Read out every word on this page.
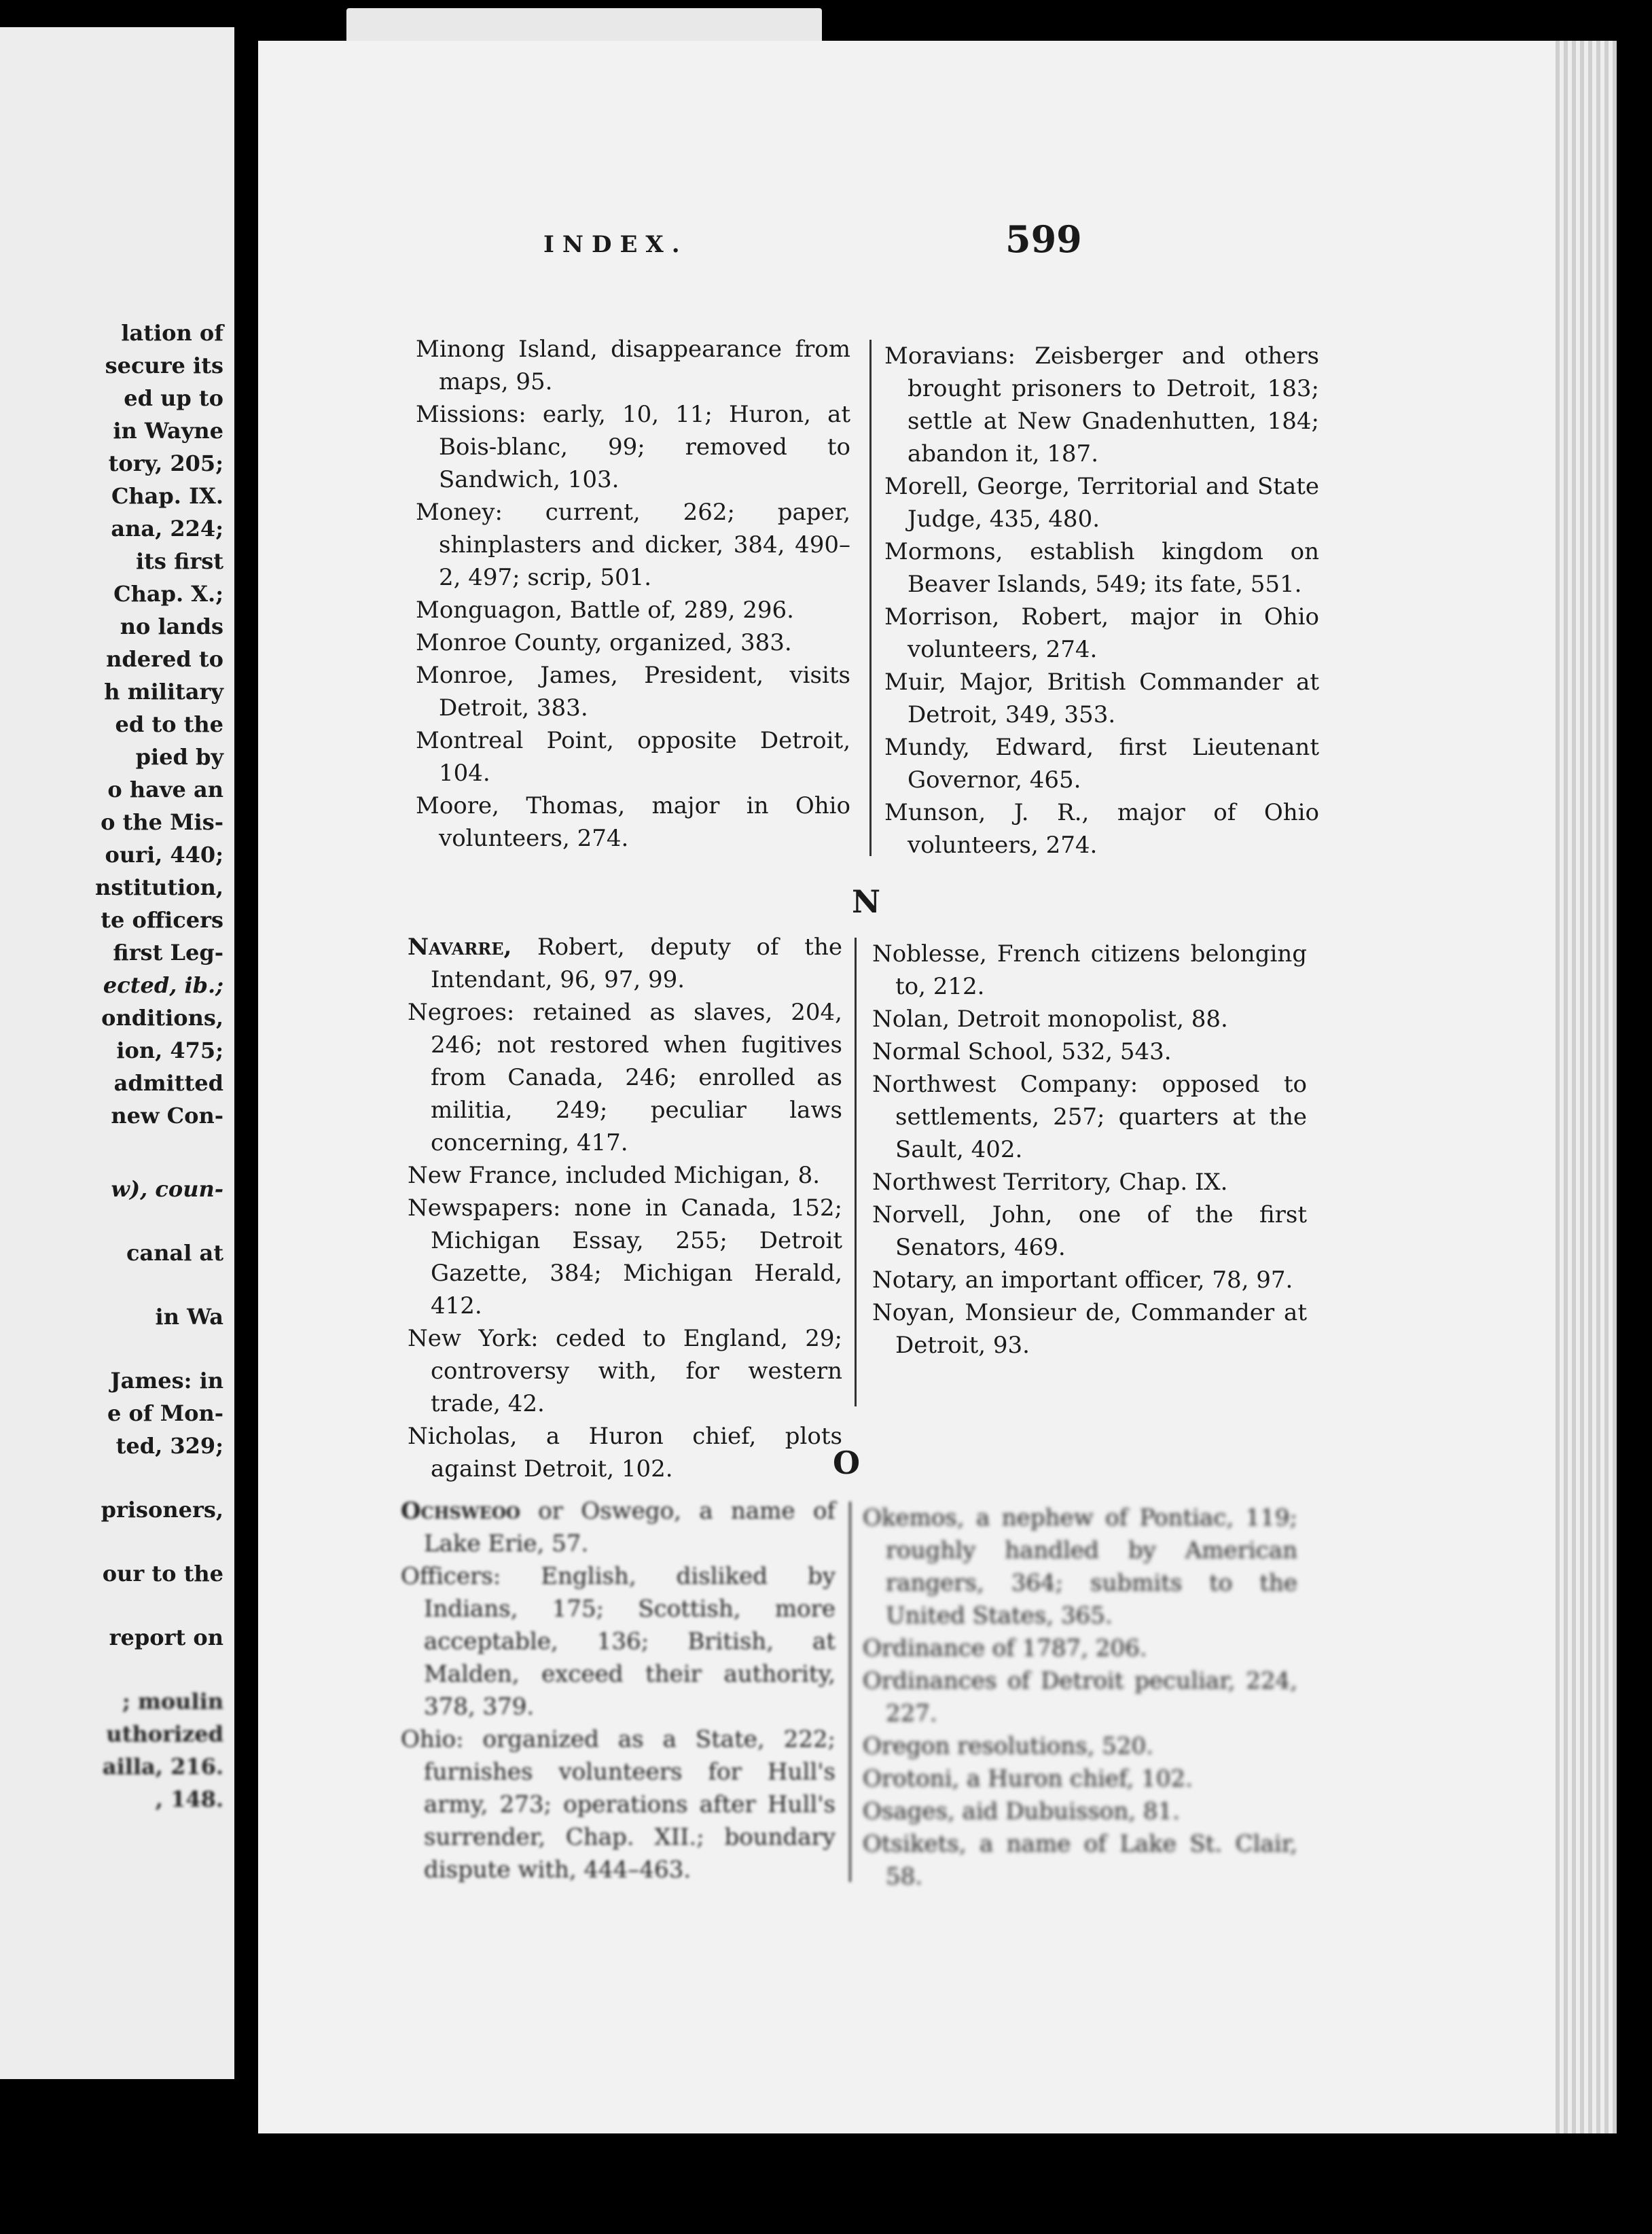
lation of
secure its
ed up to
in Wayne
tory, 205;
Chap. IX.
ana, 224;
its first
Chap. X.;
no lands
ndered to
h military
ed to the
pied by
o have an
o the Mis-
ouri, 440;
nstitution,
te officers
first Leg-
ected, ib.;
onditions,
ion, 475;
admitted
new Con-
w), coun-
canal at
in Wa
James: in
e of Mon-
ted, 329;
prisoners,
our to the
report on
; moulin
uthorized
ailla, 216.
, 148.
INDEX.	599

Minong Island, disappearance from maps, 95.

Missions: early, 10, 11; Huron, at Bois-blanc, 99; removed to Sandwich, 103.

Money: current, 262; paper, shinplasters and dicker, 384, 490–2, 497; scrip, 501.

Monguagon, Battle of, 289, 296.

Monroe County, organized, 383.

Monroe, James, President, visits Detroit, 383.

Montreal Point, opposite Detroit, 104.

Moore, Thomas, major in Ohio volunteers, 274.

Moravians: Zeisberger and others brought prisoners to Detroit, 183; settle at New Gnadenhutten, 184; abandon it, 187.

Morell, George, Territorial and State Judge, 435, 480.

Mormons, establish kingdom on Beaver Islands, 549; its fate, 551.

Morrison, Robert, major in Ohio volunteers, 274.

Muir, Major, British Commander at Detroit, 349, 353.

Mundy, Edward, first Lieutenant Governor, 465.

Munson, J. R., major of Ohio volunteers, 274.

N

Navarre, Robert, deputy of the Intendant, 96, 97, 99.

Negroes: retained as slaves, 204, 246; not restored when fugitives from Canada, 246; enrolled as militia, 249; peculiar laws concerning, 417.

New France, included Michigan, 8.

Newspapers: none in Canada, 152; Michigan Essay, 255; Detroit Gazette, 384; Michigan Herald, 412.

New York: ceded to England, 29; controversy with, for western trade, 42.

Nicholas, a Huron chief, plots against Detroit, 102.

Noblesse, French citizens belonging to, 212.

Nolan, Detroit monopolist, 88.

Normal School, 532, 543.

Northwest Company: opposed to settlements, 257; quarters at the Sault, 402.

Northwest Territory, Chap. IX.

Norvell, John, one of the first Senators, 469.

Notary, an important officer, 78, 97.

Noyan, Monsieur de, Commander at Detroit, 93.

O

Ochsweoo or Oswego, a name of Lake Erie, 57.

Officers: English, disliked by Indians, 175; Scottish, more acceptable, 136; British, at Malden, exceed their authority, 378, 379.

Ohio: organized as a State, 222; furnishes volunteers for Hull's army, 273; operations after Hull's surrender, Chap. XII.; boundary dispute with, 444–463.

Okemos, a nephew of Pontiac, 119; roughly handled by American rangers, 364; submits to the United States, 365.

Ordinance of 1787, 206.

Ordinances of Detroit peculiar, 224, 227.

Oregon resolutions, 520.

Orotoni, a Huron chief, 102.

Osages, aid Dubuisson, 81.

Otsikets, a name of Lake St. Clair, 58.
